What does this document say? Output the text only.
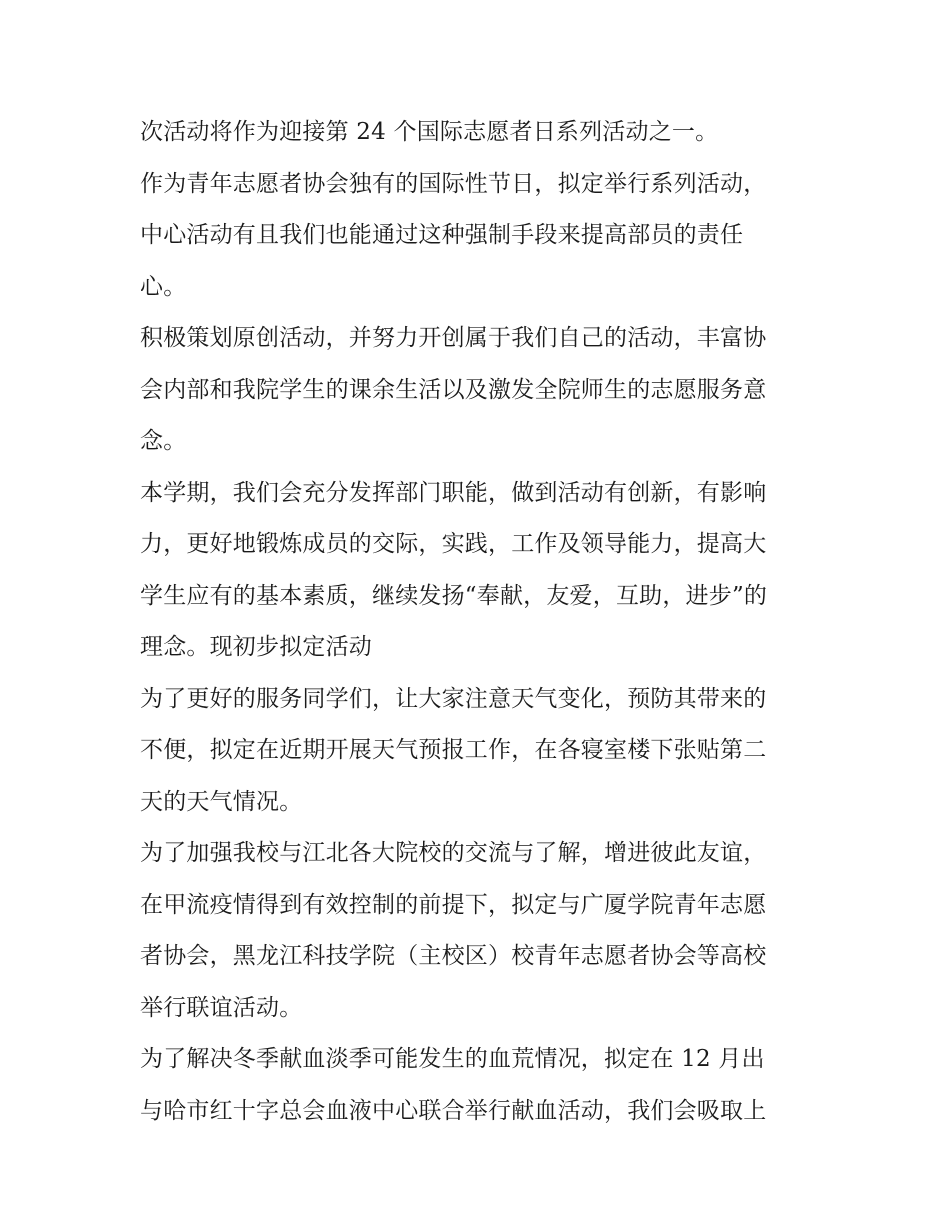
次活动将作为迎接第 24 个国际志愿者日系列活动之一。
作为青年志愿者协会独有的国际性节日，拟定举行系列活动，
中心活动有且我们也能通过这种强制手段来提高部员的责任
心。
积极策划原创活动，并努力开创属于我们自己的活动，丰富协
会内部和我院学生的课余生活以及激发全院师生的志愿服务意
念。
本学期，我们会充分发挥部门职能，做到活动有创新，有影响
力，更好地锻炼成员的交际，实践，工作及领导能力，提高大
学生应有的基本素质，继续发扬“奉献，友爱，互助，进步”的
理念。现初步拟定活动
为了更好的服务同学们，让大家注意天气变化，预防其带来的
不便，拟定在近期开展天气预报工作，在各寝室楼下张贴第二
天的天气情况。
为了加强我校与江北各大院校的交流与了解，增进彼此友谊，
在甲流疫情得到有效控制的前提下，拟定与广厦学院青年志愿
者协会，黑龙江科技学院（主校区）校青年志愿者协会等高校
举行联谊活动。
为了解决冬季献血淡季可能发生的血荒情况，拟定在 12 月出
与哈市红十字总会血液中心联合举行献血活动，我们会吸取上
